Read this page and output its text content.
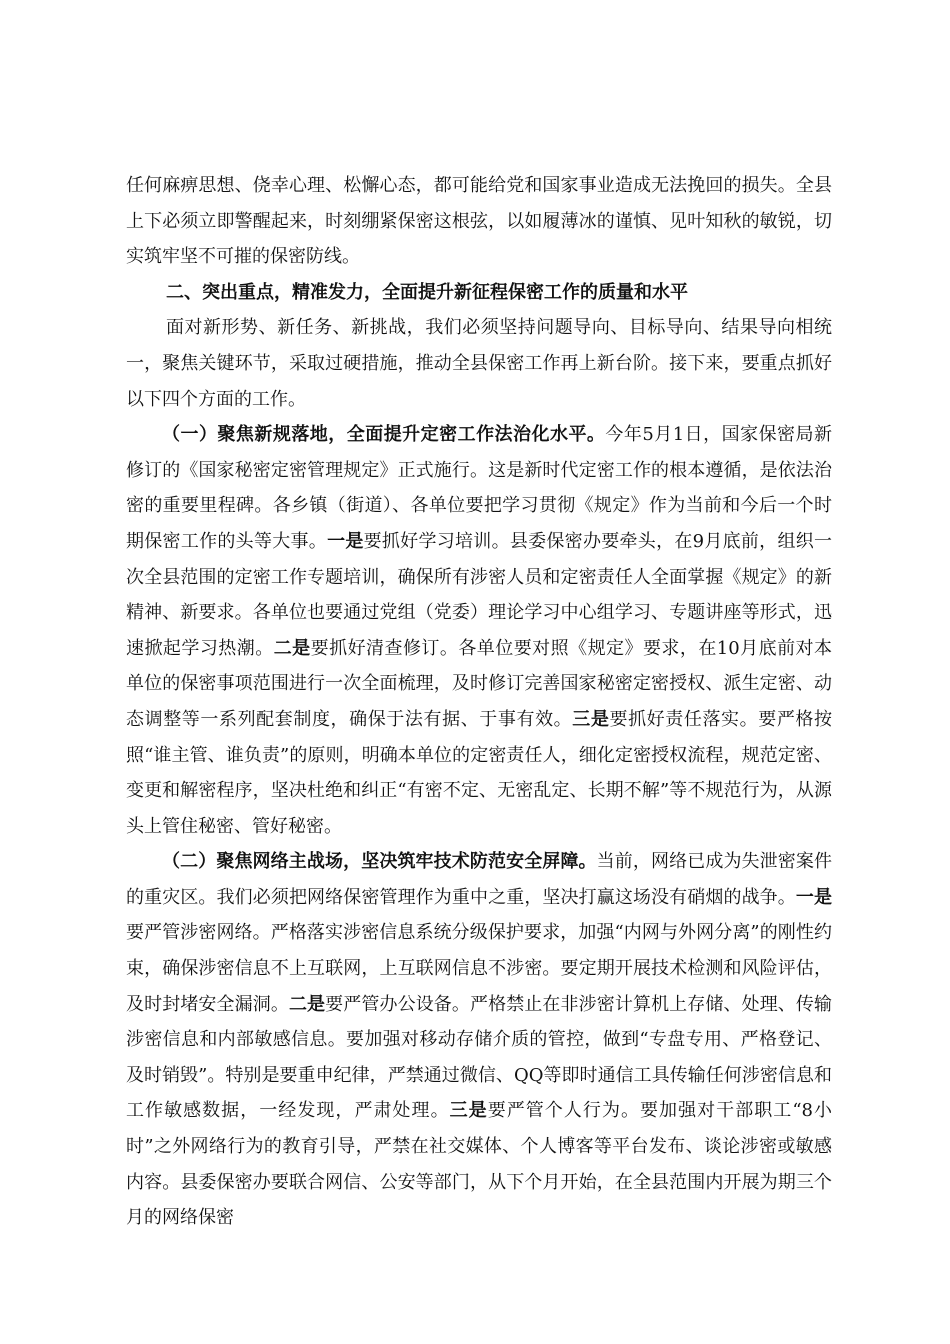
任何麻痹思想、侥幸心理、松懈心态，都可能给党和国家事业造成无法挽回的损失。全县上下必须立即警醒起来，时刻绷紧保密这根弦，以如履薄冰的谨慎、见叶知秋的敏锐，切实筑牢坚不可摧的保密防线。

二、突出重点，精准发力，全面提升新征程保密工作的质量和水平

面对新形势、新任务、新挑战，我们必须坚持问题导向、目标导向、结果导向相统一，聚焦关键环节，采取过硬措施，推动全县保密工作再上新台阶。接下来，要重点抓好以下四个方面的工作。

（一）聚焦新规落地，全面提升定密工作法治化水平。今年5月1日，国家保密局新修订的《国家秘密定密管理规定》正式施行。这是新时代定密工作的根本遵循，是依法治密的重要里程碑。各乡镇（街道）、各单位要把学习贯彻《规定》作为当前和今后一个时期保密工作的头等大事。一是要抓好学习培训。县委保密办要牵头，在9月底前，组织一次全县范围的定密工作专题培训，确保所有涉密人员和定密责任人全面掌握《规定》的新精神、新要求。各单位也要通过党组（党委）理论学习中心组学习、专题讲座等形式，迅速掀起学习热潮。二是要抓好清查修订。各单位要对照《规定》要求，在10月底前对本单位的保密事项范围进行一次全面梳理，及时修订完善国家秘密定密授权、派生定密、动态调整等一系列配套制度，确保于法有据、于事有效。三是要抓好责任落实。要严格按照“谁主管、谁负责”的原则，明确本单位的定密责任人，细化定密授权流程，规范定密、变更和解密程序，坚决杜绝和纠正“有密不定、无密乱定、长期不解”等不规范行为，从源头上管住秘密、管好秘密。

（二）聚焦网络主战场，坚决筑牢技术防范安全屏障。当前，网络已成为失泄密案件的重灾区。我们必须把网络保密管理作为重中之重，坚决打赢这场没有硝烟的战争。一是要严管涉密网络。严格落实涉密信息系统分级保护要求，加强“内网与外网分离”的刚性约束，确保涉密信息不上互联网，上互联网信息不涉密。要定期开展技术检测和风险评估，及时封堵安全漏洞。二是要严管办公设备。严格禁止在非涉密计算机上存储、处理、传输涉密信息和内部敏感信息。要加强对移动存储介质的管控，做到“专盘专用、严格登记、及时销毁”。特别是要重申纪律，严禁通过微信、QQ等即时通信工具传输任何涉密信息和工作敏感数据，一经发现，严肃处理。三是要严管个人行为。要加强对干部职工“8小时”之外网络行为的教育引导，严禁在社交媒体、个人博客等平台发布、谈论涉密或敏感内容。县委保密办要联合网信、公安等部门，从下个月开始，在全县范围内开展为期三个月的网络保密
